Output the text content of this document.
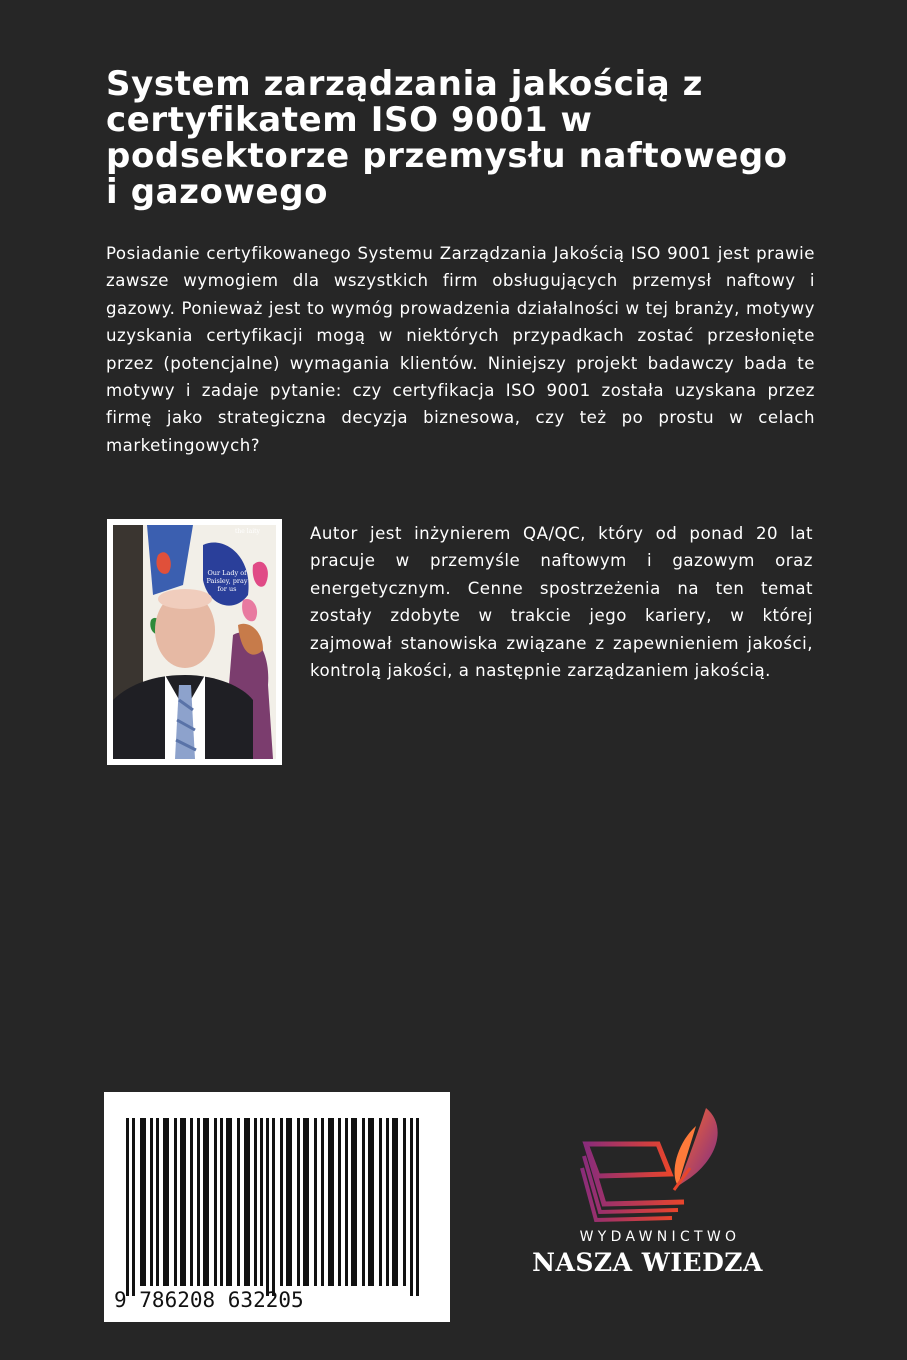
System zarządzania jakością z certyfikatem ISO 9001 w podsektorze przemysłu naftowego i gazowego

Posiadanie certyfikowanego Systemu Zarządzania Jakością ISO 9001 jest prawie zawsze wymogiem dla wszystkich firm obsługujących przemysł naftowy i gazowy. Ponieważ jest to wymóg prowadzenia działalności w tej branży, motywy uzyskania certyfikacji mogą w niektórych przypadkach zostać przesłonięte przez (potencjalne) wymagania klientów. Niniejszy projekt badawczy bada te motywy i zadaje pytanie: czy certyfikacja ISO 9001 została uzyskana przez firmę jako strategiczna decyzja biznesowa, czy też po prostu w celach marketingowych?

the laity
Our Lady of Paisley, pray for us

Autor jest inżynierem QA/QC, który od ponad 20 lat pracuje w przemyśle naftowym i gazowym oraz energetycznym. Cenne spostrzeżenia na ten temat zostały zdobyte w trakcie jego kariery, w której zajmował stanowiska związane z zapewnieniem jakości, kontrolą jakości, a następnie zarządzaniem jakością.

9 786208 632205

WYDAWNICTWO

NASZA WIEDZA
